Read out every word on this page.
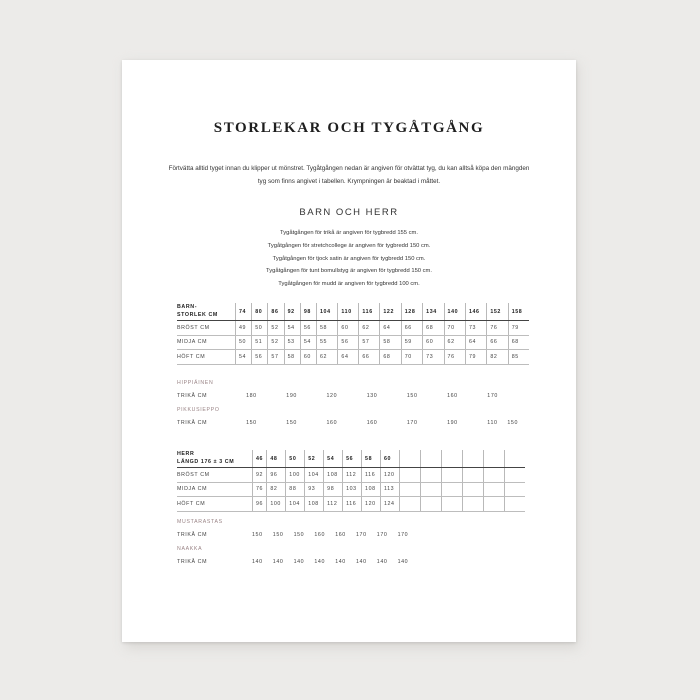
STORLEKAR OCH TYGÅTGÅNG
Förtvätta alltid tyget innan du klipper ut mönstret. Tygåtgången nedan är angiven för otvättat tyg, du kan alltså köpa den mängden tyg som finns angivet i tabellen. Krympningen är beaktad i måttet.
BARN OCH HERR
Tygåtgången för trikå är angiven för tygbredd 155 cm.
Tygåtgången för stretchcollege är angiven för tygbredd 150 cm.
Tygåtgången för tjock satin är angiven för tygbredd 150 cm.
Tygåtgången för tunt bomullstyg är angiven för tygbredd 150 cm.
Tygåtgången för mudd är angiven för tygbredd 100 cm.
BARN-
STORLEK CM	74	80	86	92	98	104	110	116	122	128	134	140	146	152	158
BRÖST CM	49	50	52	54	56	58	60	62	64	66	68	70	73	76	79
MIDJA CM	50	51	52	53	54	55	56	57	58	59	60	62	64	66	68
HÖFT CM	54	56	57	58	60	62	64	66	68	70	73	76	79	82	85
HIPPIÄINEN
TRIKÅ CM	180	190	120	130	150	160	170
PIKKUSIEPPO
TRIKÅ CM	150	150	160	160	170	190	110 150
HERR
LÄNGD 176 ± 3 CM	46	48	50	52	54	56	58	60						
BRÖST CM	92	96	100	104	108	112	116	120						
MIDJA CM	76	82	88	93	98	103	108	113						
HÖFT CM	96	100	104	108	112	116	120	124						
MUSTARASTAS
TRIKÅ CM	150 150 150 160 160 170 170 170
NAAKKA
TRIKÅ CM	140 140 140 140 140 140 140 140
